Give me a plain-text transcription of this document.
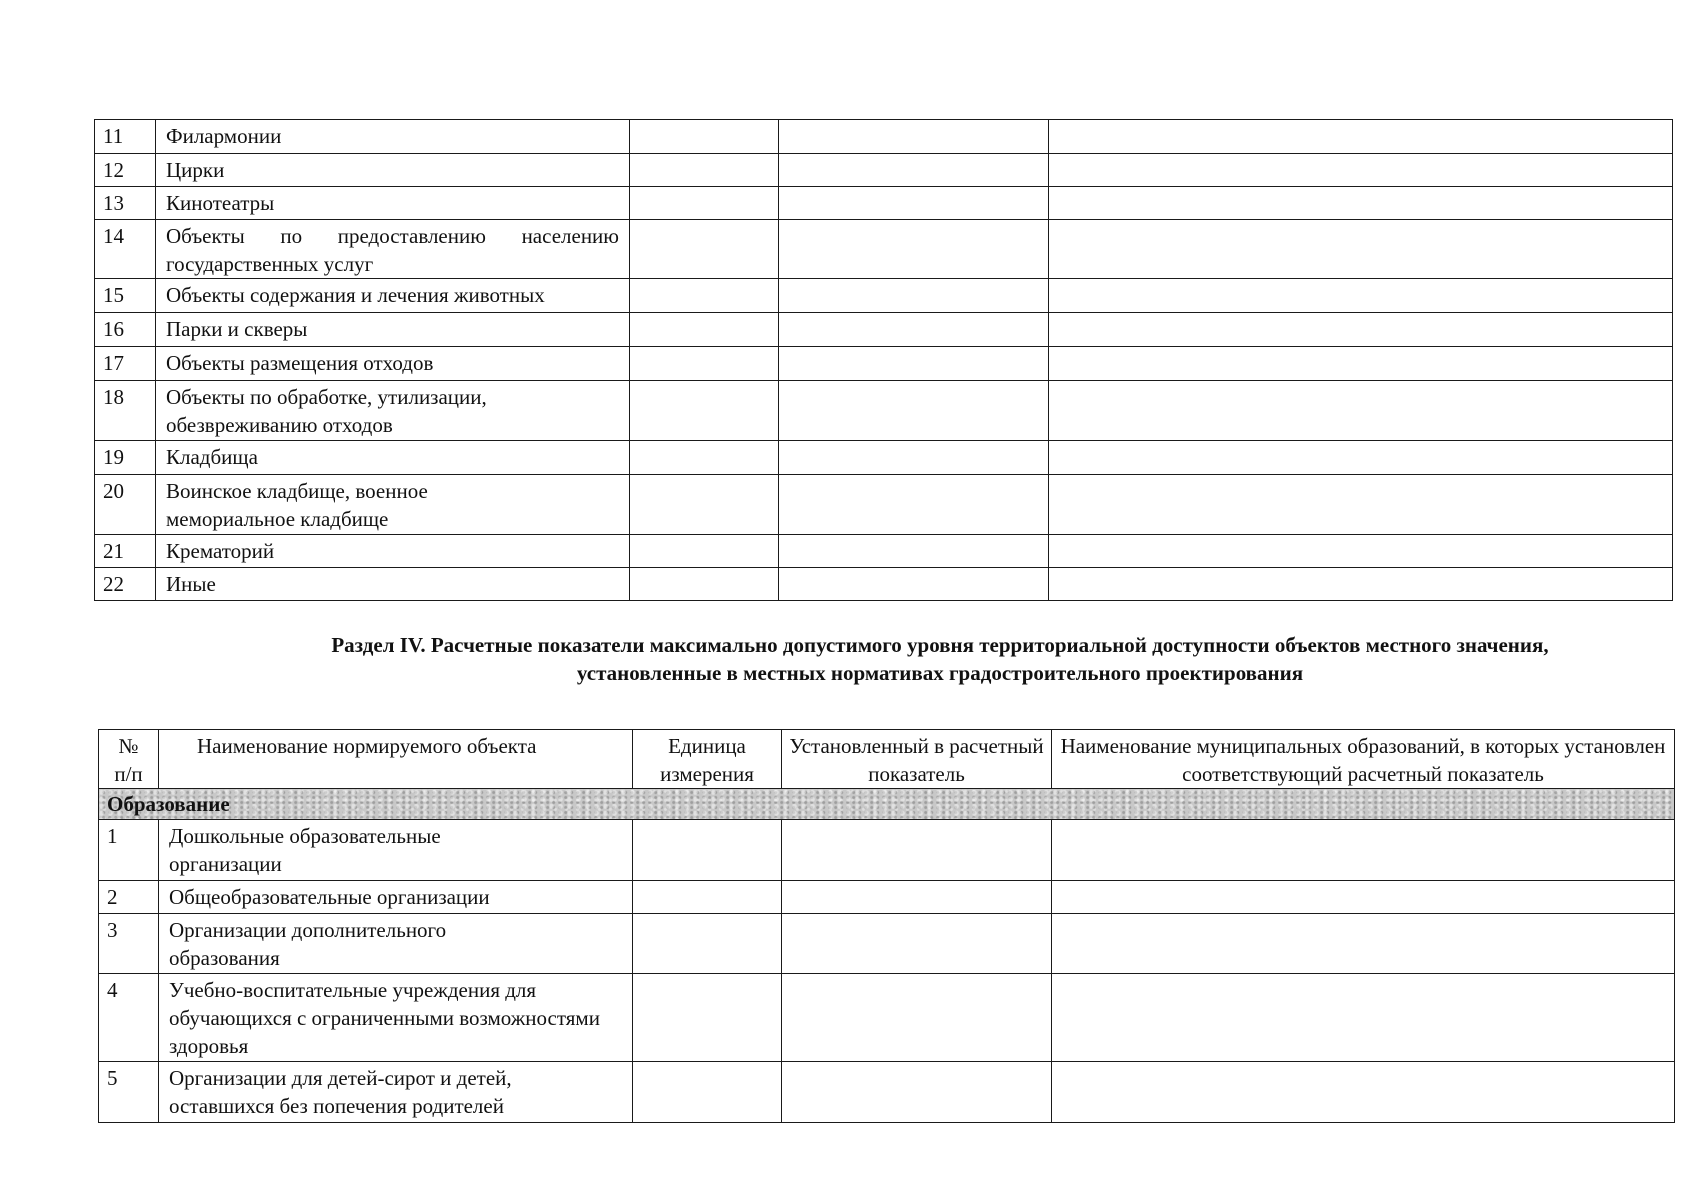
11	Филармонии			
12	Цирки			
13	Кинотеатры			
14	Объекты по предоставлению населению государственных услуг			
15	Объекты содержания и лечения животных			
16	Парки и скверы			
17	Объекты размещения отходов			
18	Объекты по обработке, утилизации, обезвреживанию отходов			
19	Кладбища			
20	Воинское кладбище, военное мемориальное кладбище			
21	Крематорий			
22	Иные			
Раздел IV. Расчетные показатели максимально допустимого уровня территориальной доступности объектов местного значения,
установленные в местных нормативах градостроительного проектирования
№ п/п	Наименование нормируемого объекта	Единица измерения	Установленный в расчетный показатель	Наименование муниципальных образований, в которых установлен соответствующий расчетный показатель
Образование				
1	Дошкольные образовательные организации			
2	Общеобразовательные организации			
3	Организации дополнительного образования			
4	Учебно-воспитательные учреждения для обучающихся с ограниченными возможностями здоровья			
5	Организации для детей-сирот и детей, оставшихся без попечения родителей			
